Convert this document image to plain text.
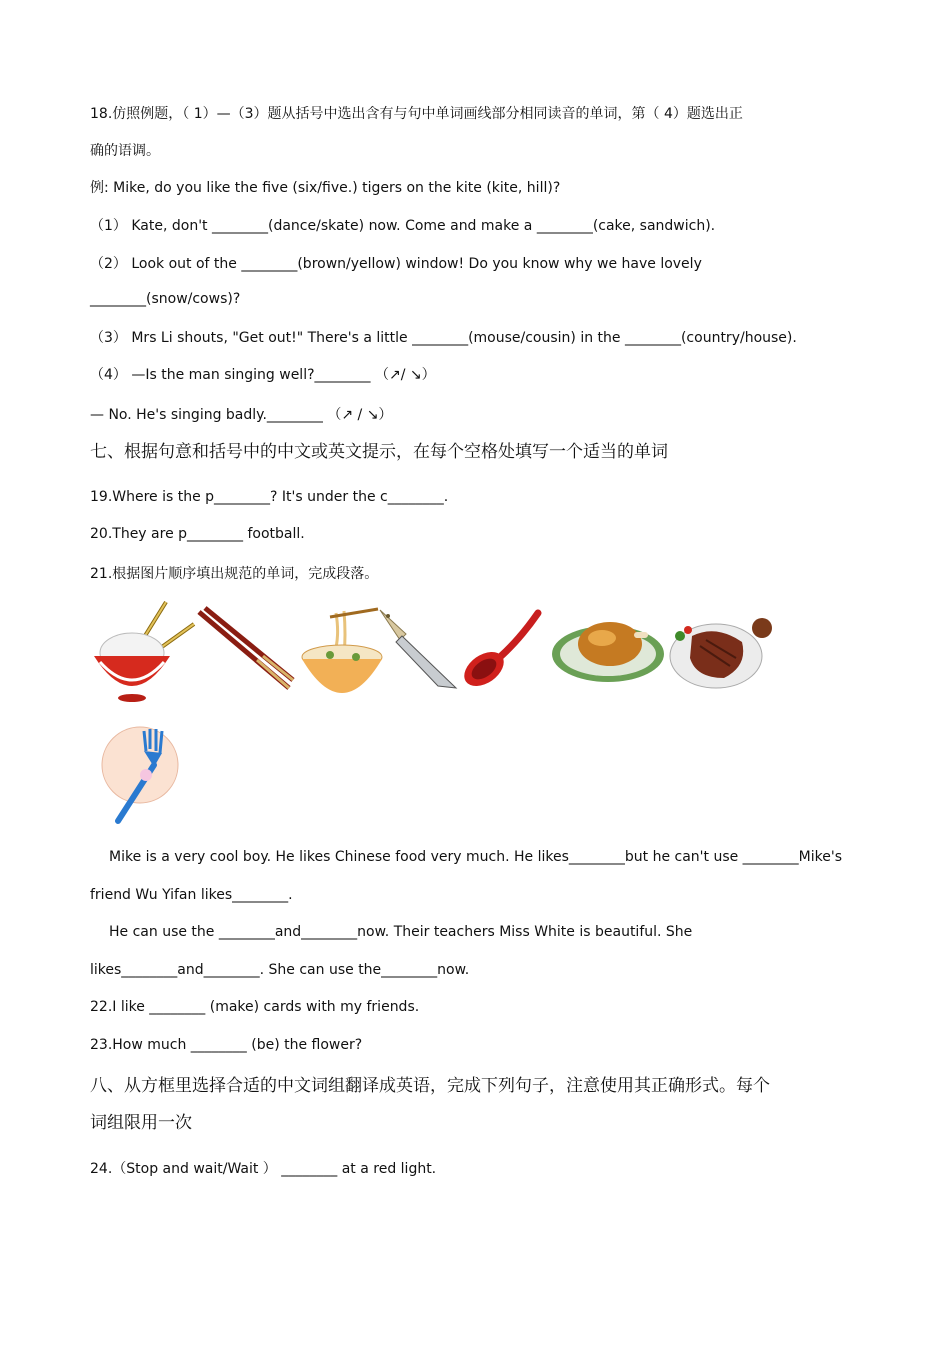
18.仿照例题，（ 1）—（3）题从括号中选出含有与句中单词画线部分相同读音的单词，第（ 4）题选出正
确的语调。
例: Mike, do you like the five (six/five.) tigers on the kite (kite, hill)?
（1） Kate, don't ________(dance/skate) now. Come and make a ________(cake, sandwich).
（2） Look out of the ________(brown/yellow) window! Do you know why we have lovely
________(snow/cows)?
（3） Mrs Li shouts, "Get out!" There's a little ________(mouse/cousin) in the ________(country/house).
（4） —Is the man singing well?________ （↗/ ↘）
— No. He's singing badly.________ （↗ / ↘）
七、根据句意和括号中的中文或英文提示，在每个空格处填写一个适当的单词
19.Where is the p________? It's under the c________.
20.They are p________ football.
21.根据图片顺序填出规范的单词，完成段落。
Mike is a very cool boy. He likes Chinese food very much. He likes________but he can't use ________Mike's
friend Wu Yifan likes________.
He can use the ________and________now. Their teachers Miss White is beautiful. She
likes________and________. She can use the________now.
22.I like ________ (make) cards with my friends.
23.How much ________ (be) the flower?
八、从方框里选择合适的中文词组翻译成英语，完成下列句子，注意使用其正确形式。每个
词组限用一次
24.（Stop and wait/Wait ） ________ at a red light.
